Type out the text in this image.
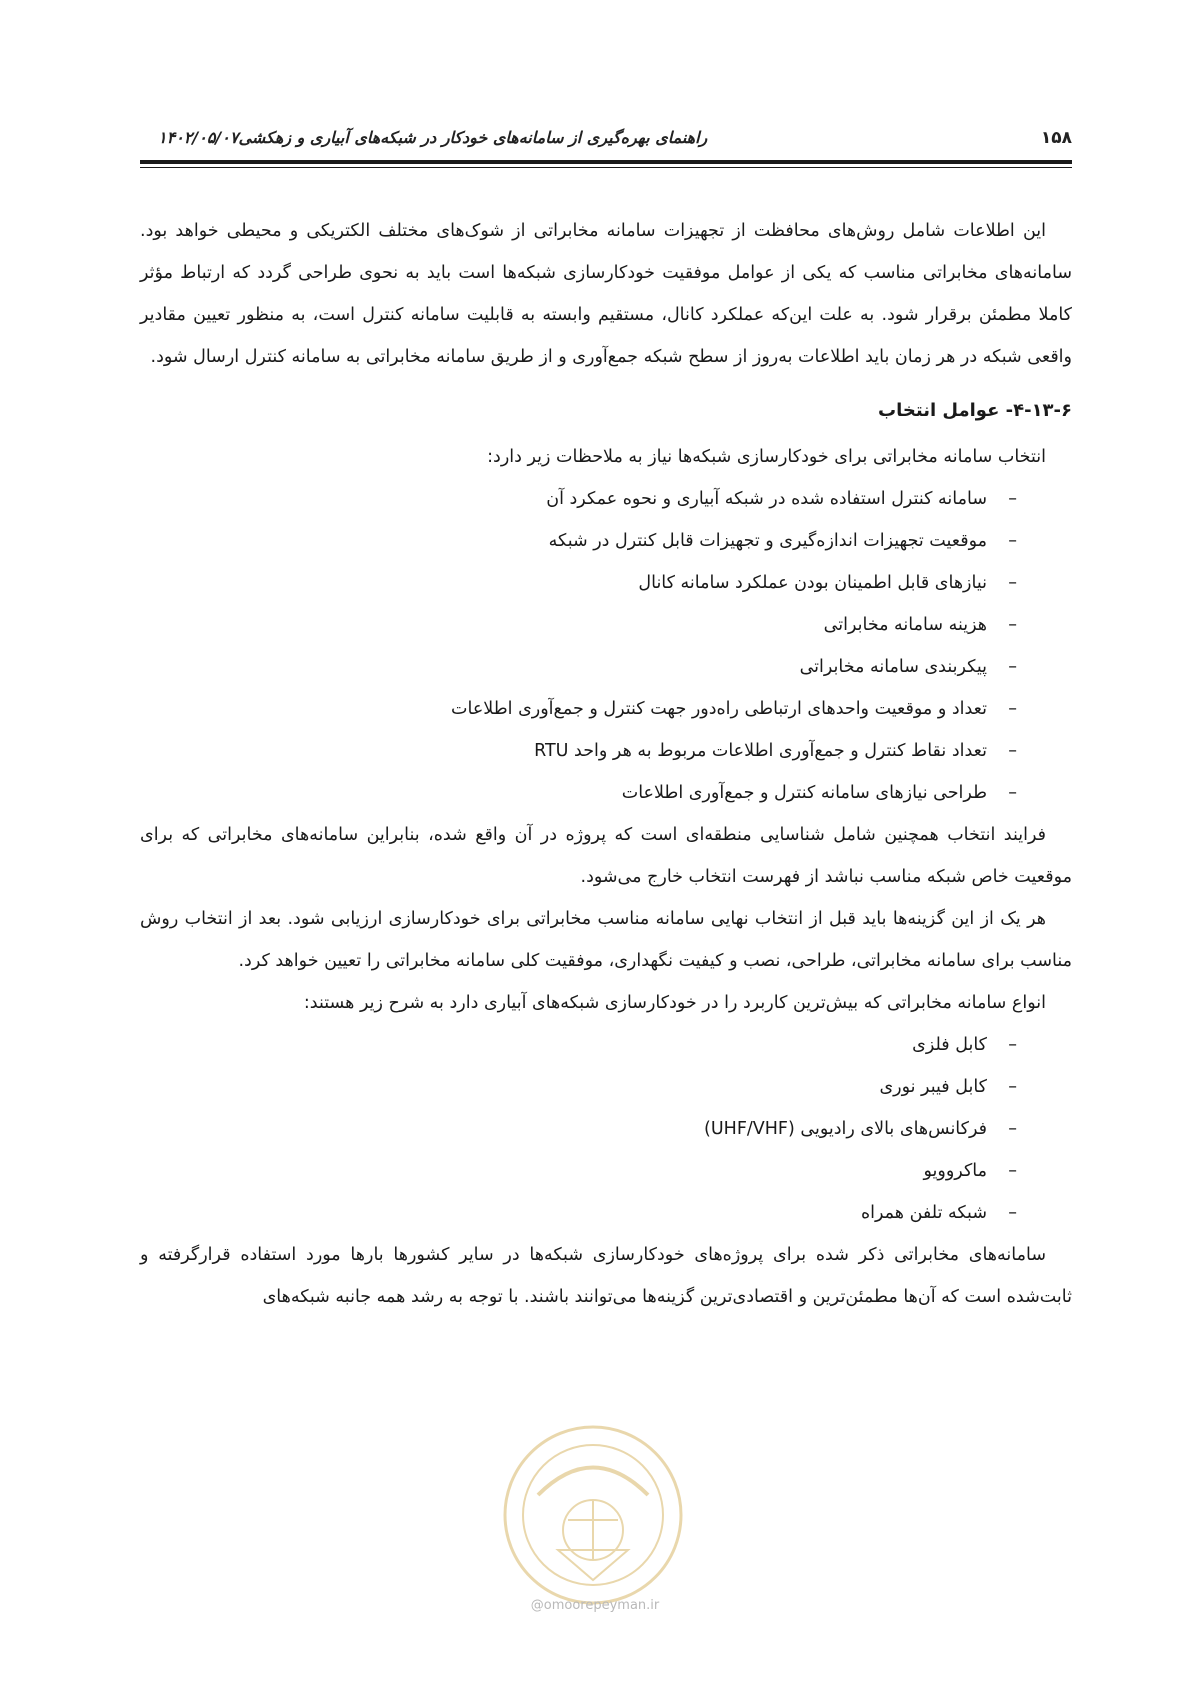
۱۵۸
راهنمای بهره‌گیری از سامانه‌های خودکار در شبکه‌های آبیاری و زهکشی۱۴۰۲/۰۵/۰۷

این اطلاعات شامل روش‌های محافظت از تجهیزات سامانه مخابراتی از شوک‌های مختلف الکتریکی و محیطی خواهد بود. سامانه‌های مخابراتی مناسب که یکی از عوامل موفقیت خودکارسازی شبکه‌ها است باید به نحوی طراحی گردد که ارتباط مؤثر کاملا مطمئن برقرار شود. به علت این‌که عملکرد کانال، مستقیم وابسته به قابلیت سامانه کنترل است، به منظور تعیین مقادیر واقعی شبکه در هر زمان باید اطلاعات به‌روز از سطح شبکه جمع‌آوری و از طریق سامانه مخابراتی به سامانه کنترل ارسال شود.

۴-۱۳-۶- عوامل انتخاب

انتخاب سامانه مخابراتی برای خودکارسازی شبکه‌ها نیاز به ملاحظات زیر دارد:

–سامانه کنترل استفاده شده در شبکه آبیاری و نحوه عمکرد آن
–موقعیت تجهیزات اندازه‌گیری و تجهیزات قابل کنترل در شبکه
–نیازهای قابل اطمینان بودن عملکرد سامانه کانال
–هزینه سامانه مخابراتی
–پیکربندی سامانه مخابراتی
–تعداد و موقعیت واحدهای ارتباطی راه‌دور جهت کنترل و جمع‌آوری اطلاعات
–تعداد نقاط کنترل و جمع‌آوری اطلاعات مربوط به هر واحد RTU
–طراحی نیازهای سامانه کنترل و جمع‌آوری اطلاعات

فرایند انتخاب همچنین شامل شناسایی منطقه‌ای است که پروژه در آن واقع شده، بنابراین سامانه‌های مخابراتی که برای موقعیت خاص شبکه مناسب نباشد از فهرست انتخاب خارج می‌شود.

هر یک از این گزینه‌ها باید قبل از انتخاب نهایی سامانه مناسب مخابراتی برای خودکارسازی ارزیابی شود. بعد از انتخاب روش مناسب برای سامانه مخابراتی، طراحی، نصب و کیفیت نگهداری، موفقیت کلی سامانه مخابراتی را تعیین خواهد کرد.

انواع سامانه مخابراتی که بیش‌ترین کاربرد را در خودکارسازی شبکه‌های آبیاری دارد به شرح زیر هستند:

–کابل فلزی
–کابل فیبر نوری
–فرکانس‌های بالای رادیویی (UHF/VHF)
–ماکروویو
–شبکه تلفن همراه

سامانه‌های مخابراتی ذکر شده برای پروژه‌های خودکارسازی شبکه‌ها در سایر کشورها بارها مورد استفاده قرارگرفته و ثابت‌شده است که آن‌ها مطمئن‌ترین و اقتصادی‌ترین گزینه‌ها می‌توانند باشند. با توجه به رشد همه جانبه شبکه‌های

@omoorepeyman.ir
